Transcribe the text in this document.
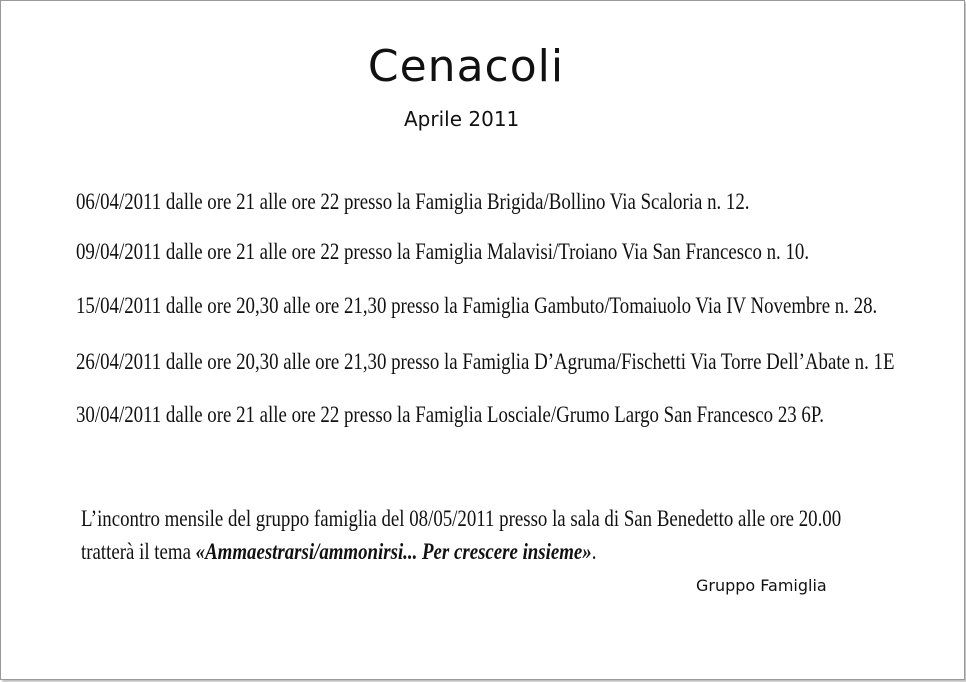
Cenacoli
Aprile 2011
06/04/2011 dalle ore 21 alle ore 22 presso la Famiglia Brigida/Bollino Via Scaloria n. 12.
09/04/2011 dalle ore 21 alle ore 22 presso la Famiglia Malavisi/Troiano Via San Francesco n. 10.
15/04/2011 dalle ore 20,30 alle ore 21,30 presso la Famiglia Gambuto/Tomaiuolo Via IV Novembre n. 28.
26/04/2011 dalle ore 20,30 alle ore 21,30 presso la Famiglia D’Agruma/Fischetti Via Torre Dell’Abate n. 1E
30/04/2011 dalle ore 21 alle ore 22 presso la Famiglia Losciale/Grumo Largo San Francesco 23 6P.
L’incontro mensile del gruppo famiglia del 08/05/2011 presso la sala di San Benedetto alle ore 20.00
tratterà il tema «Ammaestrarsi/ammonirsi... Per crescere insieme».
Gruppo Famiglia
